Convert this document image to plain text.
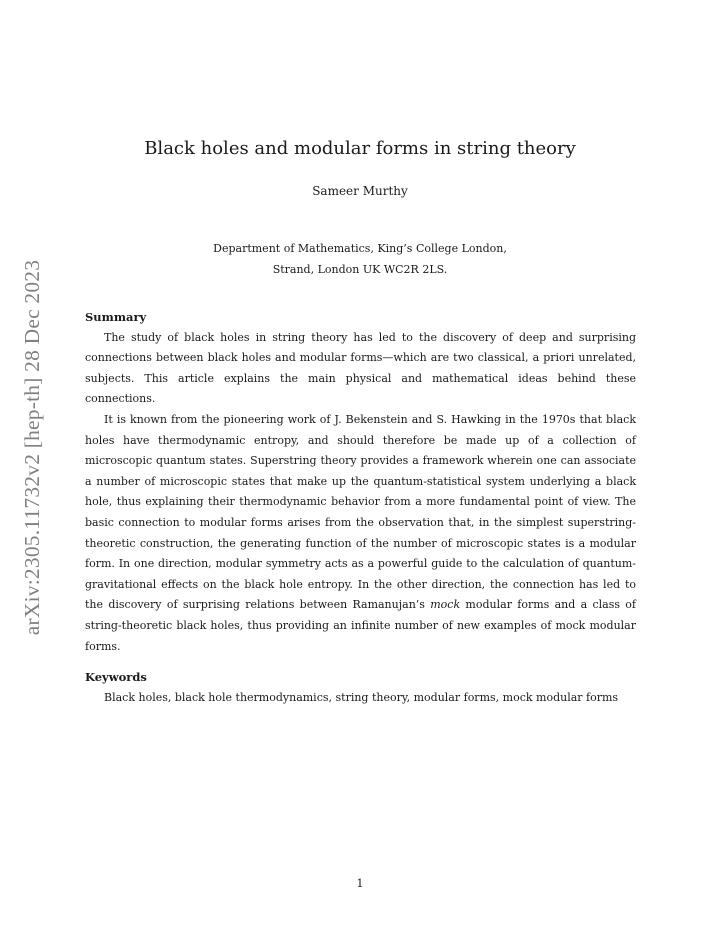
arXiv:2305.11732v2 [hep-th] 28 Dec 2023
Black holes and modular forms in string theory
Sameer Murthy
Department of Mathematics, King’s College London,
Strand, London UK WC2R 2LS.

Summary

The study of black holes in string theory has led to the discovery of deep and surprising connections between black holes and modular forms—which are two classical, a priori unrelated, subjects. This article explains the main physical and mathematical ideas behind these connections.

It is known from the pioneering work of J. Bekenstein and S. Hawking in the 1970s that black holes have thermodynamic entropy, and should therefore be made up of a collection of microscopic quantum states. Superstring theory provides a framework wherein one can associate a number of microscopic states that make up the quantum-statistical system underlying a black hole, thus explaining their thermodynamic behavior from a more fundamental point of view. The basic connection to modular forms arises from the observation that, in the simplest superstring-theoretic construction, the generating function of the number of microscopic states is a modular form. In one direction, modular symmetry acts as a powerful guide to the calculation of quantum-gravitational effects on the black hole entropy. In the other direction, the connection has led to the discovery of surprising relations between Ramanujan’s mock modular forms and a class of string-theoretic black holes, thus providing an infinite number of new examples of mock modular forms.

Keywords

Black holes, black hole thermodynamics, string theory, modular forms, mock modular forms

1
